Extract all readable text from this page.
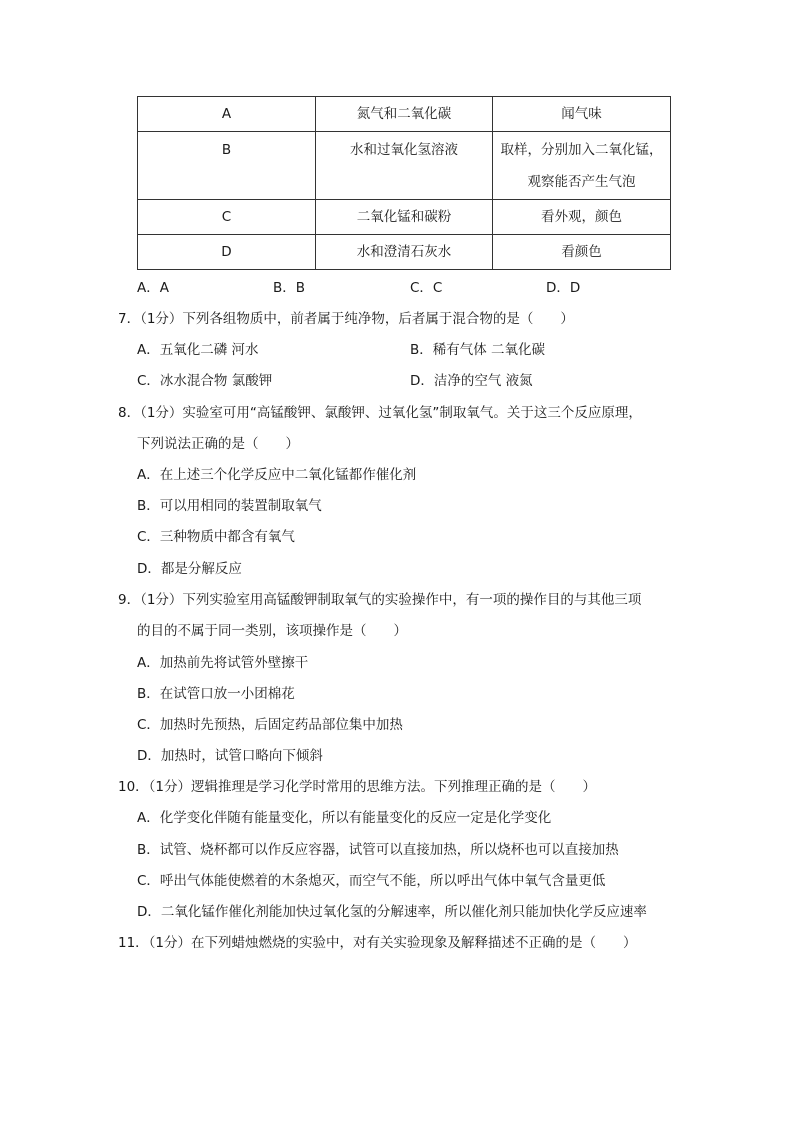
A	氮气和二氧化碳	闻气味
B	水和过氧化氢溶液	取样，分别加入二氧化锰，
观察能否产生气泡

C	二氧化锰和碳粉	看外观，颜色
D	水和澄清石灰水	看颜色
A．A	B．B	C．C	D．D
7．（1分）下列各组物质中，前者属于纯净物，后者属于混合物的是（　　）
A．五氧化二磷 河水	B．稀有气体 二氧化碳
C．冰水混合物 氯酸钾	D．洁净的空气 液氮
8．（1分）实验室可用“高锰酸钾、氯酸钾、过氧化氢”制取氧气。关于这三个反应原理，
下列说法正确的是（　　）
A．在上述三个化学反应中二氧化锰都作催化剂
B．可以用相同的装置制取氧气
C．三种物质中都含有氧气
D．都是分解反应
9．（1分）下列实验室用高锰酸钾制取氧气的实验操作中，有一项的操作目的与其他三项
的目的不属于同一类别，该项操作是（　　）
A．加热前先将试管外壁擦干
B．在试管口放一小团棉花
C．加热时先预热，后固定药品部位集中加热
D．加热时，试管口略向下倾斜
10．（1分）逻辑推理是学习化学时常用的思维方法。下列推理正确的是（　　）
A．化学变化伴随有能量变化，所以有能量变化的反应一定是化学变化
B．试管、烧杯都可以作反应容器，试管可以直接加热，所以烧杯也可以直接加热
C．呼出气体能使燃着的木条熄灭，而空气不能，所以呼出气体中氧气含量更低
D．二氧化锰作催化剂能加快过氧化氢的分解速率，所以催化剂只能加快化学反应速率
11．（1分）在下列蜡烛燃烧的实验中，对有关实验现象及解释描述不正确的是（　　）
